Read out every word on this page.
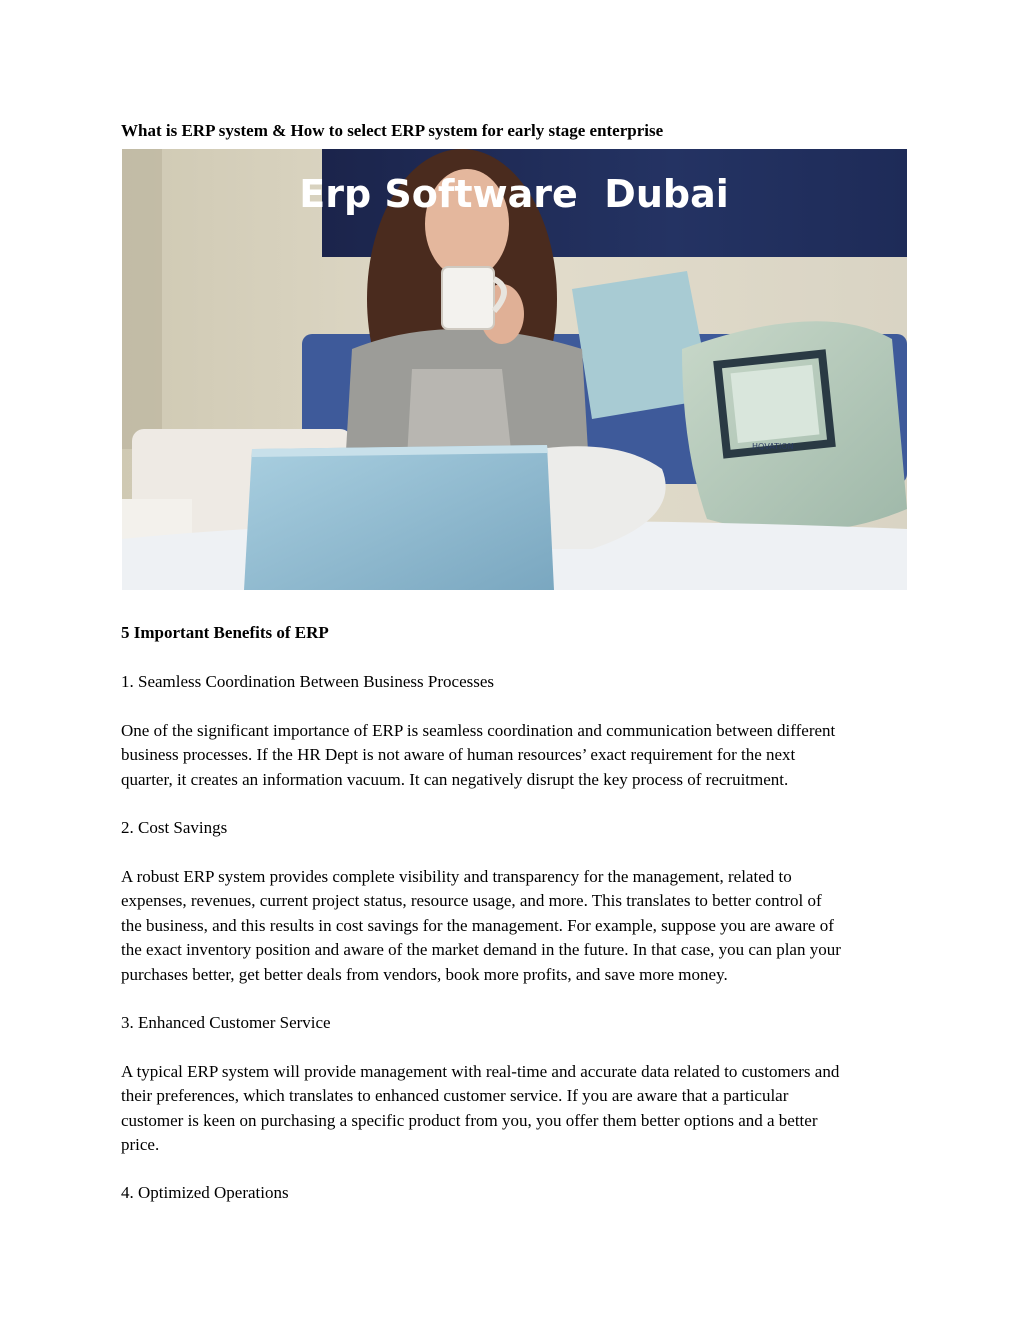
What is ERP system & How to select ERP system for early stage enterprise
HQVATION
Erp Software  Dubai
5 Important Benefits of ERP
1. Seamless Coordination Between Business Processes
One of the significant importance of ERP is seamless coordination and communication between different
business processes. If the HR Dept is not aware of human resources’ exact requirement for the next
quarter, it creates an information vacuum. It can negatively disrupt the key process of recruitment.
2. Cost Savings
A robust ERP system provides complete visibility and transparency for the management, related to
expenses, revenues, current project status, resource usage, and more. This translates to better control of
the business, and this results in cost savings for the management. For example, suppose you are aware of
the exact inventory position and aware of the market demand in the future. In that case, you can plan your
purchases better, get better deals from vendors, book more profits, and save more money.
3. Enhanced Customer Service
A typical ERP system will provide management with real-time and accurate data related to customers and
their preferences, which translates to enhanced customer service. If you are aware that a particular
customer is keen on purchasing a specific product from you, you offer them better options and a better
price.
4. Optimized Operations
